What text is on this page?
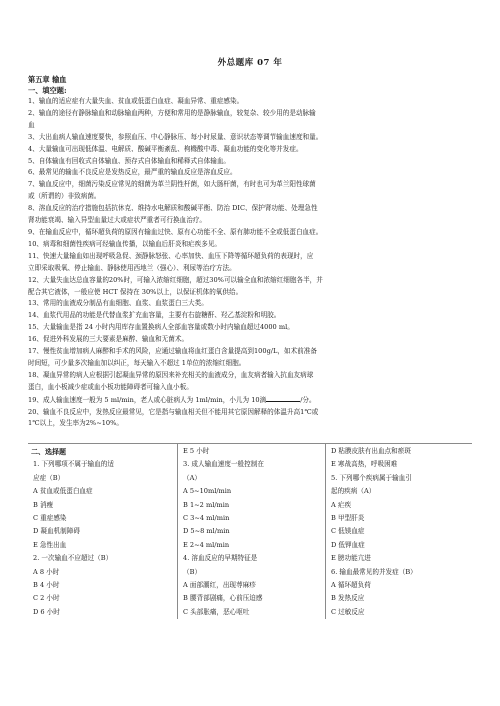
外总题库 07 年
第五章 输血
一、填空题:
1、输血的适应症有大量失血、贫血或低蛋白血症、凝血异常、重症感染。
2、输血的途径有静脉输血和动脉输血两种，方便和常用的是静脉输血，较复杂、较少用的是动脉输
血
3、大出血病人输血速度要快，参照血压、中心静脉压、每小时尿量、意识状态等调节输血速度和量。
4、大量输血可出现低体温、电解质、酸碱平衡紊乱、枸橼酸中毒、凝血功能的变化等并发症。
5、自体输血有回收式自体输血、预存式自体输血和稀释式自体输血。
6、最常见的输血不良反应是发热反应，最严重的输血反应是溶血反应。
7、输血反应中，细菌污染反应常见的细菌为革兰阴性杆菌，如大肠杆菌，有时也可为革兰阳性球菌
或（所谓的）非致病菌。
8、溶血反应的治疗措施包括抗休克、维持水电解质和酸碱平衡、防治 DIC、保护肾功能、处理急性
肾功能衰竭、输入异型血量过大或症状严重者可行换血治疗。
9、在输血反应中，循环超负荷的原因有输血过快、原有心功能不全、原有肺功能不全或低蛋白血症。
10、病毒和细菌性疾病可经输血传播，以输血后肝炎和疟疾多见。
11、快速大量输血如出现呼吸急促、颈静脉怒张、心率加快、血压下降等循环超负荷的表现时，应
立即采取吸氧、停止输血、静脉使用西地兰（强心）、利尿等治疗方法。
12、大量失血达总血容量的20%时，可输入浓缩红细胞，超过30%可以输全血和浓缩红细胞各半，并
配合其它液体，一般应使 HCT 保持在 30%以上，以保证机体的氧供给。
13、常用的血液成分制品有血细胞、血浆、血浆蛋白三大类。
14、血浆代用品的功能是代替血浆扩充血容量，主要有右旋糖酐、羟乙基淀粉和明胶。
15、大量输血是指 24 小时内用库存血置换病人全部血容量或数小时内输血超过4000 ml。
16、促进外科发展的三大要素是麻醉、输血和无菌术。
17、慢性贫血增加病人麻醉和手术的风险，应通过输血将血红蛋白含量提高到100g/L，如术前准备
时间短，可少量多次输血加以纠正，每天输入不超过 1单位的浓缩红细胞。
18、凝血异常的病人应根据引起凝血异常的原因来补充相关的血液成分，血友病者输入抗血友病球
蛋白，血小板减少症或血小板功能障碍者可输入血小板。
19、成人输血速度一般为 5 ml/min，老人或心脏病人为 1ml/min，小儿为 10滴	/分。
20、输血不良反应中，发热反应最常见，它是指与输血相关但不能用其它原因解释的体温升高1℃或
1℃以上，发生率为2%~10%。
二、选择题
1. 下列哪项不属于输血的适
应症（B）
A 贫血或低蛋白血症
B 消瘦
C 重症感染
D 凝血机制障碍
E 急性出血
2. 一次输血不应超过（B）
A 8 小时
B 4 小时
C 2 小时
D 6 小时
E 5 小时
3. 成人输血速度一般控制在
（A）
A 5~10ml/min
B 1~2 ml/min
C 3~4 ml/min
D 5~8 ml/min
E 2~4 ml/min
4. 溶血反应的早期特征是
（B）
A 面部潮红，出现荨麻疹
B 腰背部剧痛，心前压迫感
C 头部胀痛，恶心呕吐
D 粘膜皮肤有出血点和瘀斑
E 寒战高热，呼吸困难
5. 下列哪个疾病属于输血引
起的疾病（A）
A 疟疾
B 甲型肝炎
C 低镁血症
D 低钾血症
E 膀功能亢进
6. 输血最常见的并发症（B）
A 循环超负荷
B 发热反应
C 过敏反应
